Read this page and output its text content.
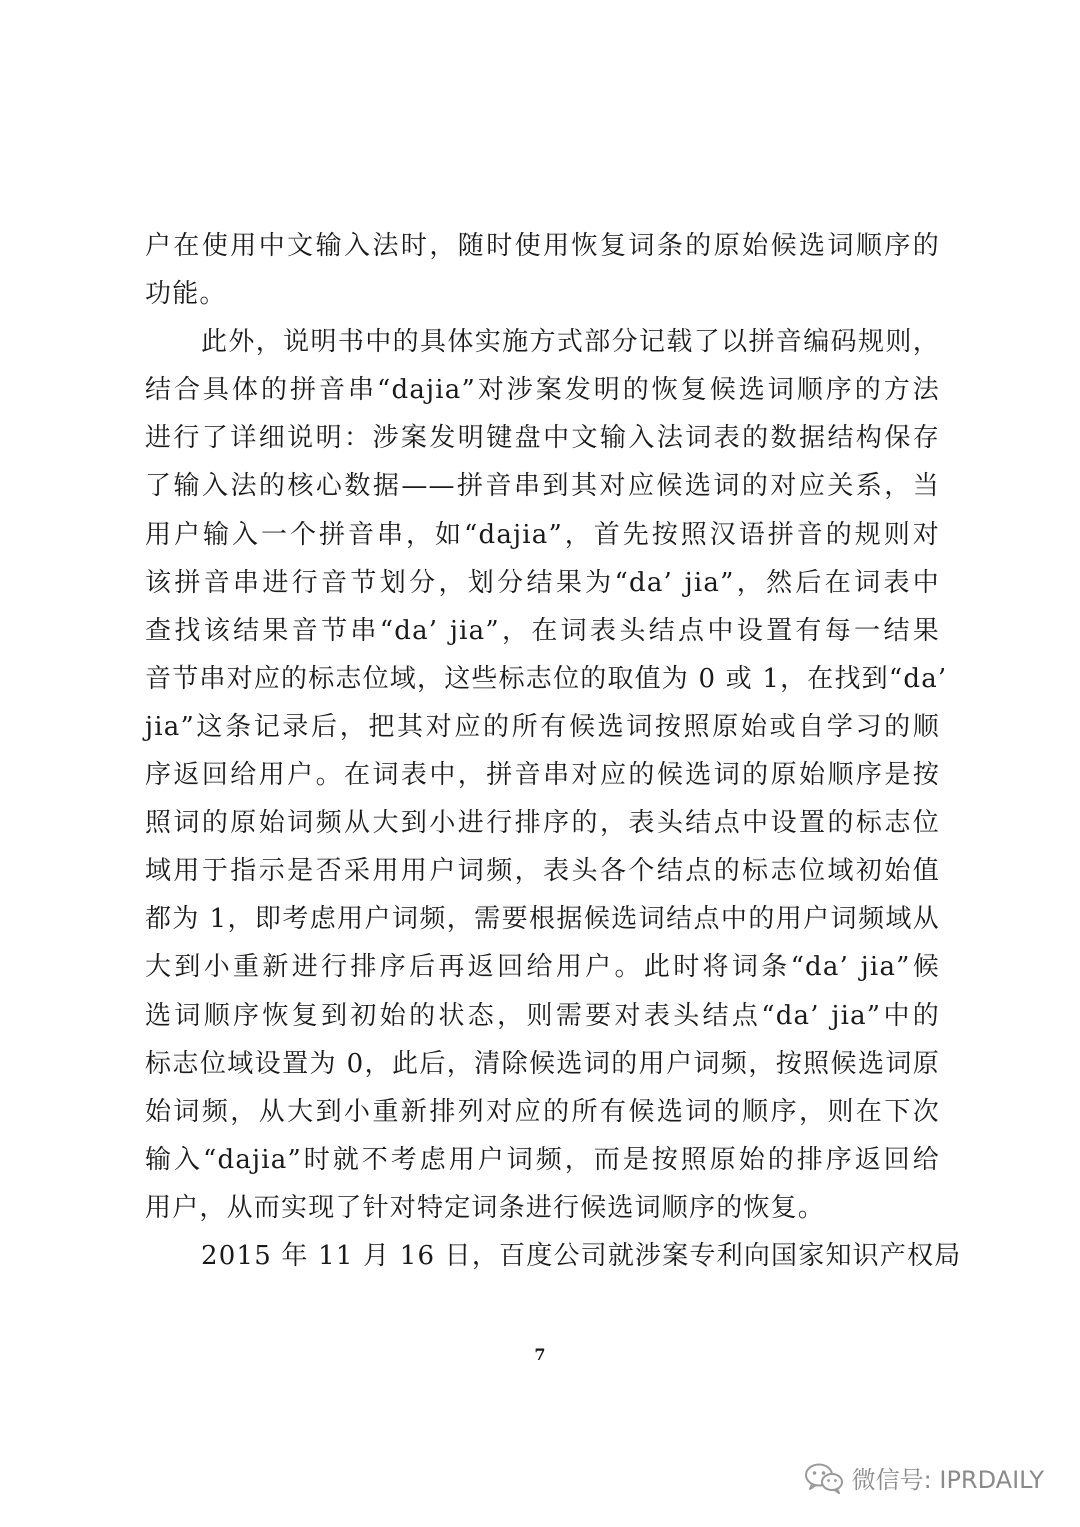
户在使用中文输入法时，随时使用恢复词条的原始候选词顺序的
功能。
此外，说明书中的具体实施方式部分记载了以拼音编码规则，
结合具体的拼音串“dajia”对涉案发明的恢复候选词顺序的方法
进行了详细说明：涉案发明键盘中文输入法词表的数据结构保存
了输入法的核心数据——拼音串到其对应候选词的对应关系，当
用户输入一个拼音串，如“dajia”，首先按照汉语拼音的规则对
该拼音串进行音节划分，划分结果为“da’ jia”，然后在词表中
查找该结果音节串“da’ jia”，在词表头结点中设置有每一结果
音节串对应的标志位域，这些标志位的取值为 0 或 1，在找到“da’
jia”这条记录后，把其对应的所有候选词按照原始或自学习的顺
序返回给用户。在词表中，拼音串对应的候选词的原始顺序是按
照词的原始词频从大到小进行排序的，表头结点中设置的标志位
域用于指示是否采用用户词频，表头各个结点的标志位域初始值
都为 1，即考虑用户词频，需要根据候选词结点中的用户词频域从
大到小重新进行排序后再返回给用户。此时将词条“da’ jia”候
选词顺序恢复到初始的状态，则需要对表头结点“da’ jia”中的
标志位域设置为 0，此后，清除候选词的用户词频，按照候选词原
始词频，从大到小重新排列对应的所有候选词的顺序，则在下次
输入“dajia”时就不考虑用户词频，而是按照原始的排序返回给
用户，从而实现了针对特定词条进行候选词顺序的恢复。
2015 年 11 月 16 日，百度公司就涉案专利向国家知识产权局
7
微信号: IPRDAILY
